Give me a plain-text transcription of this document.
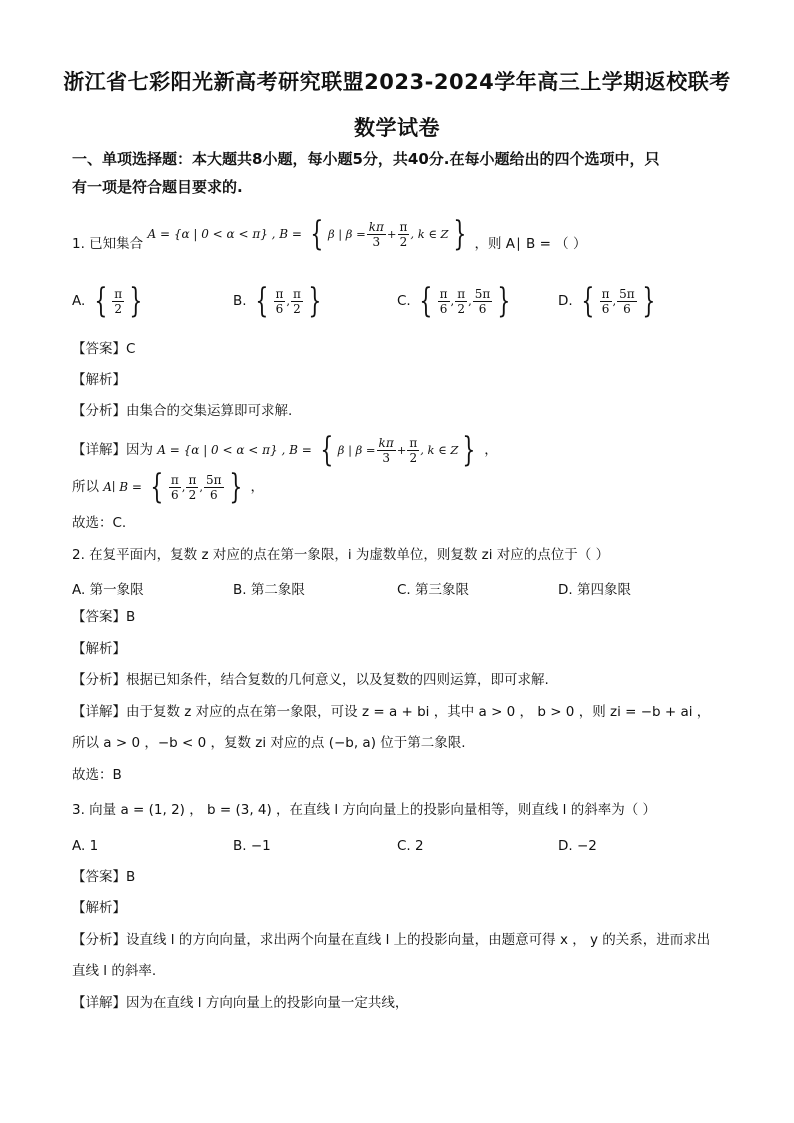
浙江省七彩阳光新高考研究联盟2023-2024学年高三上学期返校联考
数学试卷
一、单项选择题：本大题共8小题，每小题5分，共40分.在每小题给出的四个选项中，只
有一项是符合题目要求的.
1. 已知集合 A = {α | 0 < α < π} , B = { β | $\beta = \frac{k\pi}{3} + \frac{\pi}{2}$ , k ∈ Z } ，则 A∣ B = （ ）
A. { $\frac{\pi}{2}$ }	B. { $\frac{\pi}{6}$ , $\frac{\pi}{2}$ }	C. { $\frac{\pi}{6}$ , $\frac{\pi}{2}$ , $\frac{5\pi}{6}$ }	D. { $\frac{\pi}{6}$ , $\frac{5\pi}{6}$ }
【答案】C
【解析】
【分析】由集合的交集运算即可求解.
【详解】因为 A = {α | 0 < α < π} , B = { β | $\beta = \frac{k\pi}{3} + \frac{\pi}{2}$ , k ∈ Z } ，
所以 A∣ B = { $\frac{\pi}{6}$ , $\frac{\pi}{2}$ , $\frac{5\pi}{6}$ } ，
故选：C.
2. 在复平面内，复数 z 对应的点在第一象限，i 为虚数单位，则复数 zi 对应的点位于（ ）
A. 第一象限	B. 第二象限	C. 第三象限	D. 第四象限
【答案】B
【解析】
【分析】根据已知条件，结合复数的几何意义，以及复数的四则运算，即可求解.
【详解】由于复数 z 对应的点在第一象限，可设 z = a + bi ，其中 a > 0 ， b > 0 ，则 zi = −b + ai ，
所以 a > 0 ，−b < 0 ，复数 zi 对应的点 (−b, a) 位于第二象限.
故选：B
3. 向量 a = (1, 2) ， b = (3, 4) ，在直线 l 方向向量上的投影向量相等，则直线 l 的斜率为（ ）
A. 1	B. −1	C. 2	D. −2
【答案】B
【解析】
【分析】设直线 l 的方向向量，求出两个向量在直线 l 上的投影向量，由题意可得 x ， y 的关系，进而求出
直线 l 的斜率.
【详解】因为在直线 l 方向向量上的投影向量一定共线，
